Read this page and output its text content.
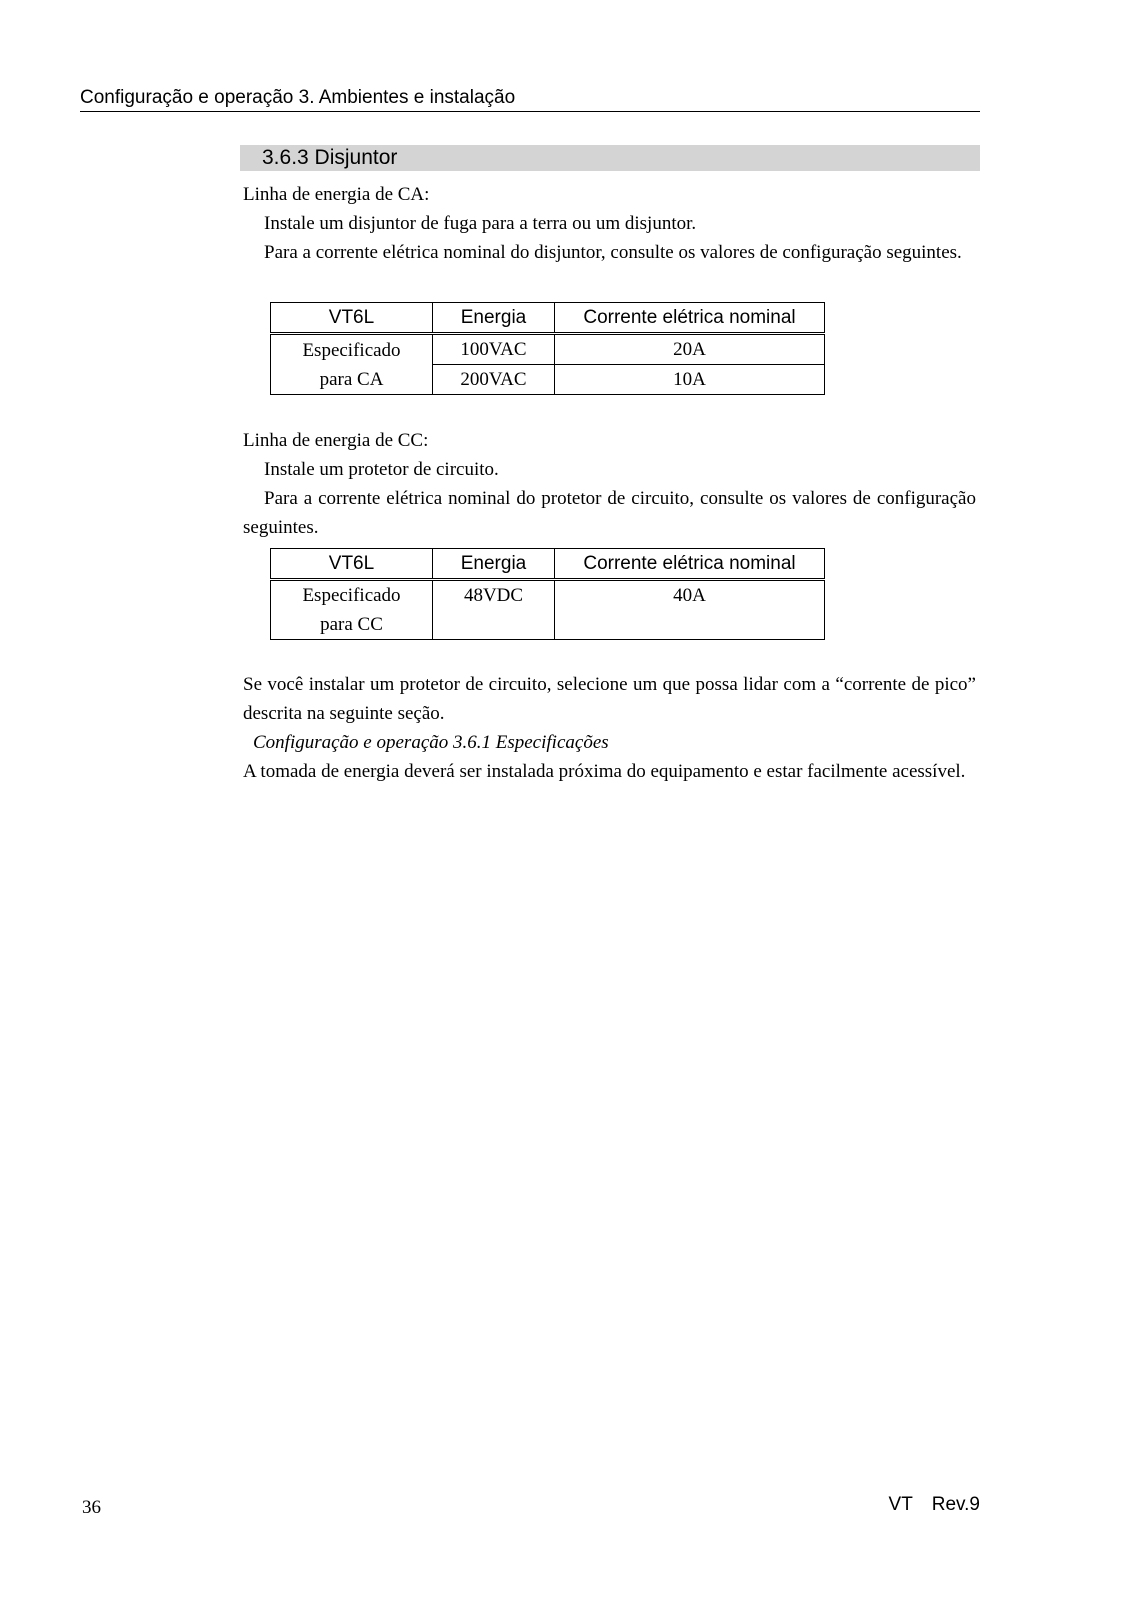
Configuração e operação 3. Ambientes e instalação
3.6.3 Disjuntor
Linha de energia de CA:
Instale um disjuntor de fuga para a terra ou um disjuntor.
Para a corrente elétrica nominal do disjuntor, consulte os valores de configuração seguintes.
VT6L	Energia	Corrente elétrica nominal
Especificado
para CA	100VAC	20A
	200VAC	10A
Linha de energia de CC:
Instale um protetor de circuito.
Para a corrente elétrica nominal do protetor de circuito, consulte os valores de configuração seguintes.
VT6L	Energia	Corrente elétrica nominal
Especificado
para CC	48VDC	40A
Se você instalar um protetor de circuito, selecione um que possa lidar com a “corrente de pico” descrita na seguinte seção.
Configuração e operação 3.6.1 Especificações
A tomada de energia deverá ser instalada próxima do equipamento e estar facilmente acessível.
36	VT Rev.9
